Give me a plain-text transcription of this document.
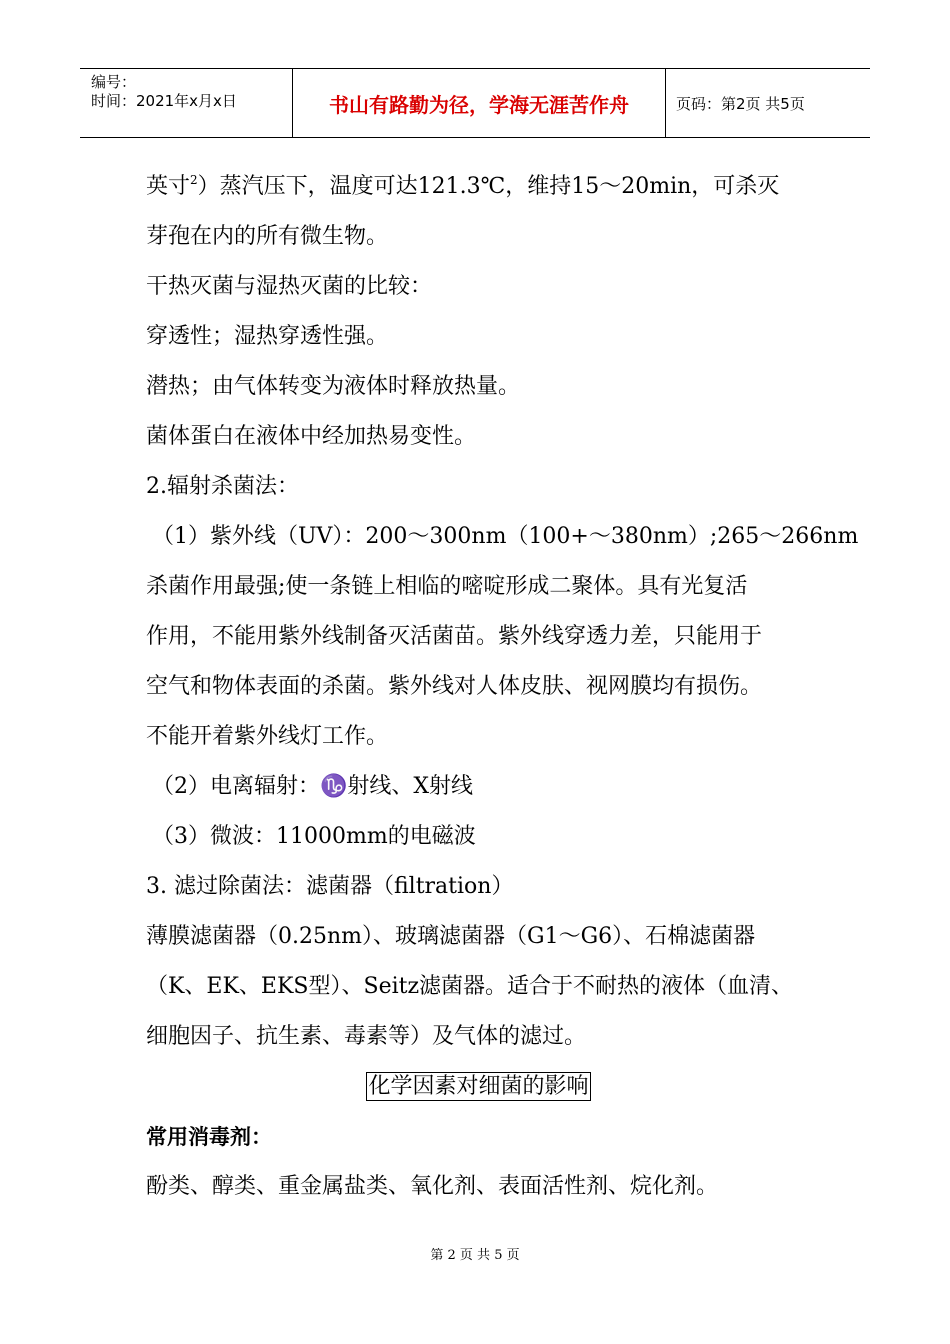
编号：
时间：2021年x月x日	书山有路勤为径，学海无涯苦作舟	页码：第2页 共5页
英寸$^2$）蒸汽压下，温度可达121.3℃，维持15～20min，可杀灭
芽孢在内的所有微生物。
干热灭菌与湿热灭菌的比较：
穿透性；湿热穿透性强。
潜热；由气体转变为液体时释放热量。
菌体蛋白在液体中经加热易变性。
2.辐射杀菌法：
（1）紫外线（UV）：200～300nm（100+～380nm）;265～266nm
杀菌作用最强;使一条链上相临的嘧啶形成二聚体。具有光复活
作用，不能用紫外线制备灭活菌苗。紫外线穿透力差，只能用于
空气和物体表面的杀菌。紫外线对人体皮肤、视网膜均有损伤。
不能开着紫外线灯工作。
（2）电离辐射：♑射线、X射线
（3）微波：11000mm的电磁波
3. 滤过除菌法：滤菌器（filtration）
薄膜滤菌器（0.25nm）、玻璃滤菌器（G1～G6）、石棉滤菌器
（K、EK、EKS型）、Seitz滤菌器。适合于不耐热的液体（血清、
细胞因子、抗生素、毒素等）及气体的滤过。
化学因素对细菌的影响
常用消毒剂：
酚类、醇类、重金属盐类、氧化剂、表面活性剂、烷化剂。
第 2 页 共 5 页
